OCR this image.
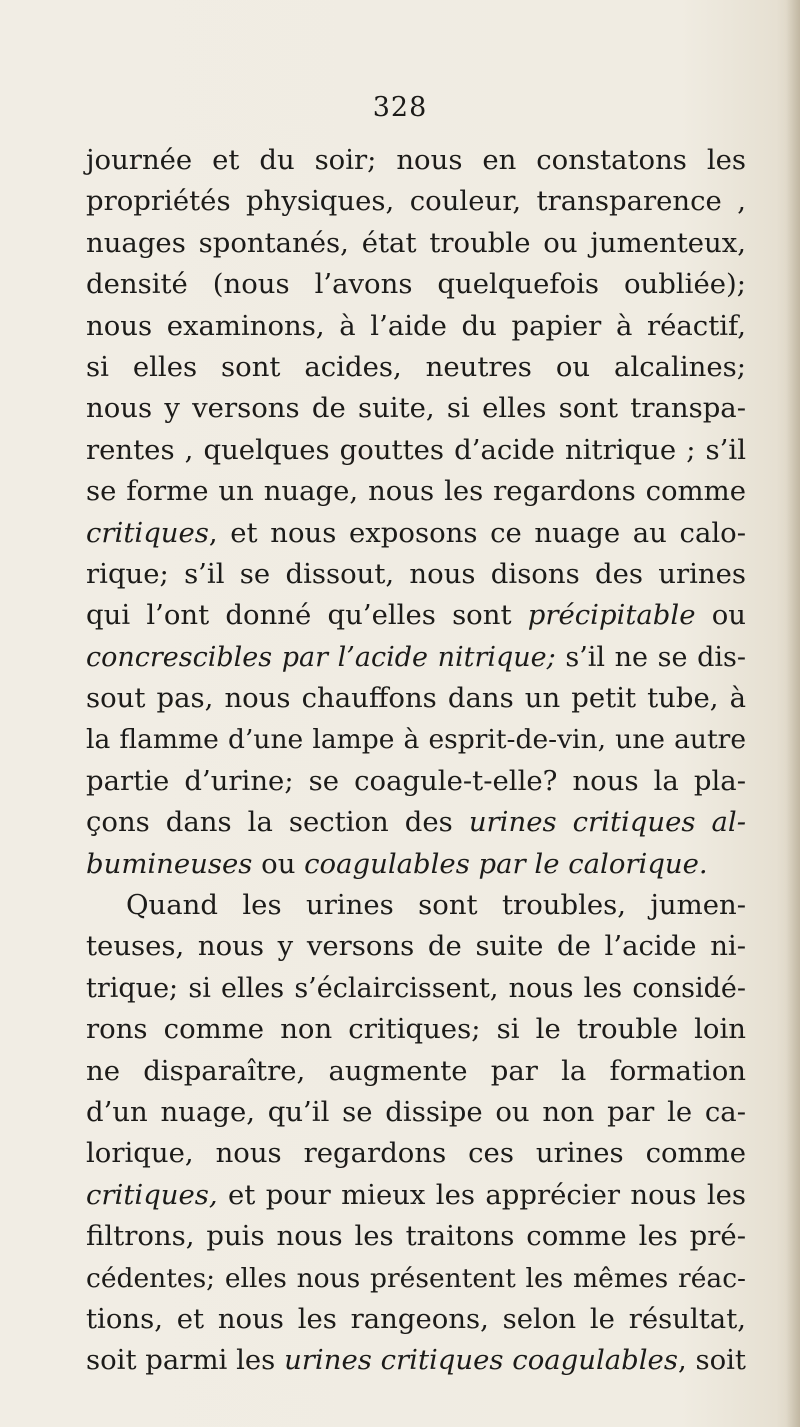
328
journée et du soir; nous en constatons les
propriétés physiques, couleur, transparence ,
nuages spontanés, état trouble ou jumenteux,
densité (nous l’avons quelquefois oubliée);
nous examinons, à l’aide du papier à réactif,
si elles sont acides, neutres ou alcalines;
nous y versons de suite, si elles sont transpa-
rentes , quelques gouttes d’acide nitrique ; s’il
se forme un nuage, nous les regardons comme
critiques, et nous exposons ce nuage au calo-
rique; s’il se dissout, nous disons des urines
qui l’ont donné qu’elles sont précipitable ou
concrescibles par l’acide nitrique; s’il ne se dis-
sout pas, nous chauffons dans un petit tube, à
la flamme d’une lampe à esprit-de-vin, une autre
partie d’urine; se coagule-t-elle? nous la pla-
çons dans la section des urines critiques al-
bumineuses ou coagulables par le calorique.
Quand les urines sont troubles, jumen-
teuses, nous y versons de suite de l’acide ni-
trique; si elles s’éclaircissent, nous les considé-
rons comme non critiques; si le trouble loin
ne disparaître, augmente par la formation
d’un nuage, qu’il se dissipe ou non par le ca-
lorique, nous regardons ces urines comme
critiques, et pour mieux les apprécier nous les
filtrons, puis nous les traitons comme les pré-
cédentes; elles nous présentent les mêmes réac-
tions, et nous les rangeons, selon le résultat,
soit parmi les urines critiques coagulables, soit
